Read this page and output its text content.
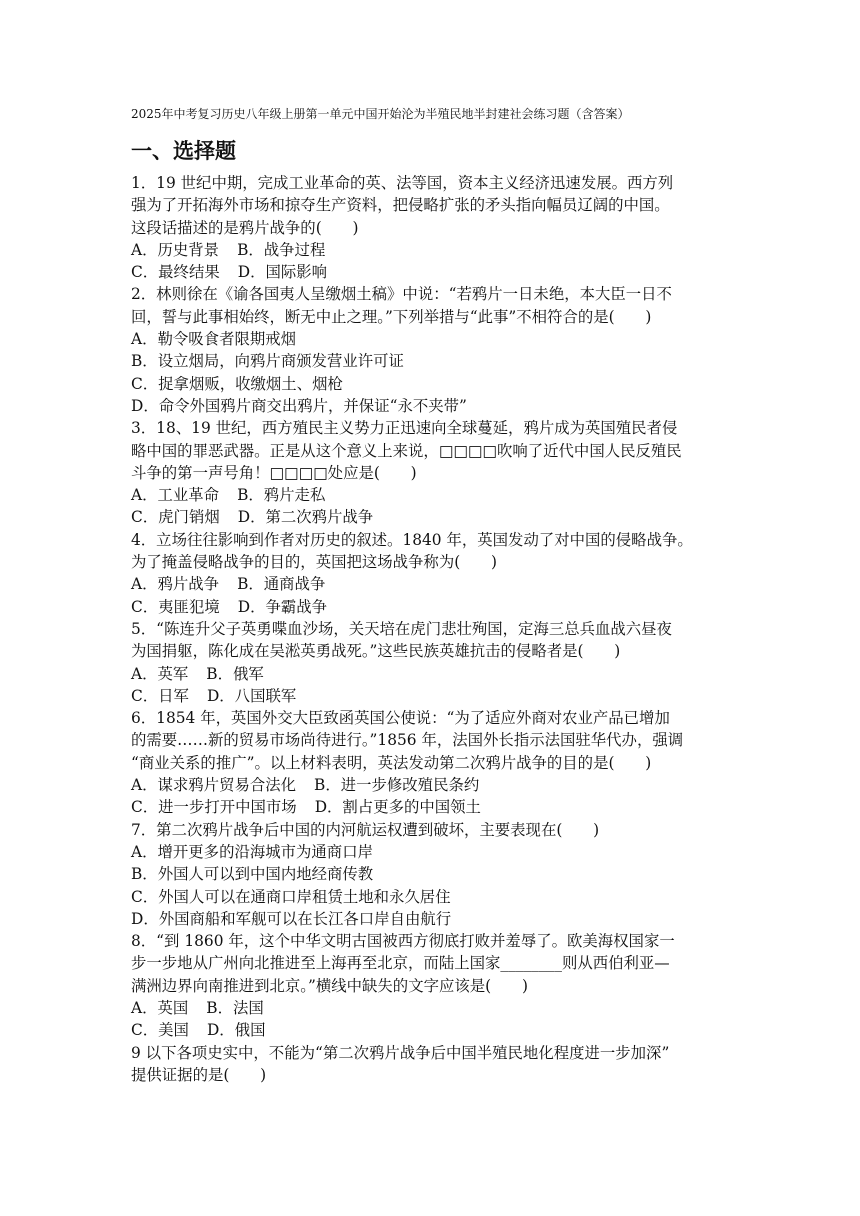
2025年中考复习历史八年级上册第一单元中国开始沦为半殖民地半封建社会练习题（含答案）
一、选择题
1．19 世纪中期，完成工业革命的英、法等国，资本主义经济迅速发展。西方列
强为了开拓海外市场和掠夺生产资料，把侵略扩张的矛头指向幅员辽阔的中国。
这段话描述的是鸦片战争的(　　)
A．历史背景 B．战争过程
C．最终结果 D．国际影响
2．林则徐在《谕各国夷人呈缴烟土稿》中说：“若鸦片一日未绝，本大臣一日不
回，誓与此事相始终，断无中止之理。”下列举措与“此事”不相符合的是(　　)
A．勒令吸食者限期戒烟
B．设立烟局，向鸦片商颁发营业许可证
C．捉拿烟贩，收缴烟土、烟枪
D．命令外国鸦片商交出鸦片，并保证“永不夹带”
3．18、19 世纪，西方殖民主义势力正迅速向全球蔓延，鸦片成为英国殖民者侵
略中国的罪恶武器。正是从这个意义上来说，□□□□吹响了近代中国人民反殖民
斗争的第一声号角！□□□□处应是(　　)
A．工业革命 B．鸦片走私
C．虎门销烟 D．第二次鸦片战争
4．立场往往影响到作者对历史的叙述。1840 年，英国发动了对中国的侵略战争。
为了掩盖侵略战争的目的，英国把这场战争称为(　　)
A．鸦片战争 B．通商战争
C．夷匪犯境 D．争霸战争
5．“陈连升父子英勇喋血沙场，关天培在虎门悲壮殉国，定海三总兵血战六昼夜
为国捐躯，陈化成在吴淞英勇战死。”这些民族英雄抗击的侵略者是(　　)
A．英军 B．俄军
C．日军 D．八国联军
6．1854 年，英国外交大臣致函英国公使说：“为了适应外商对农业产品已增加
的需要……新的贸易市场尚待进行。”1856 年，法国外长指示法国驻华代办，强调
“商业关系的推广”。以上材料表明，英法发动第二次鸦片战争的目的是(　　)
A．谋求鸦片贸易合法化 B．进一步修改殖民条约
C．进一步打开中国市场 D．割占更多的中国领土
7．第二次鸦片战争后中国的内河航运权遭到破坏，主要表现在(　　)
A．增开更多的沿海城市为通商口岸
B．外国人可以到中国内地经商传教
C．外国人可以在通商口岸租赁土地和永久居住
D．外国商船和军舰可以在长江各口岸自由航行
8．“到 1860 年，这个中华文明古国被西方彻底打败并羞辱了。欧美海权国家一
步一步地从广州向北推进至上海再至北京，而陆上国家________则从西伯利亚—
满洲边界向南推进到北京。”横线中缺失的文字应该是(　　)
A．英国 B．法国
C．美国 D．俄国
9 以下各项史实中，不能为“第二次鸦片战争后中国半殖民地化程度进一步加深”
提供证据的是(　　)
